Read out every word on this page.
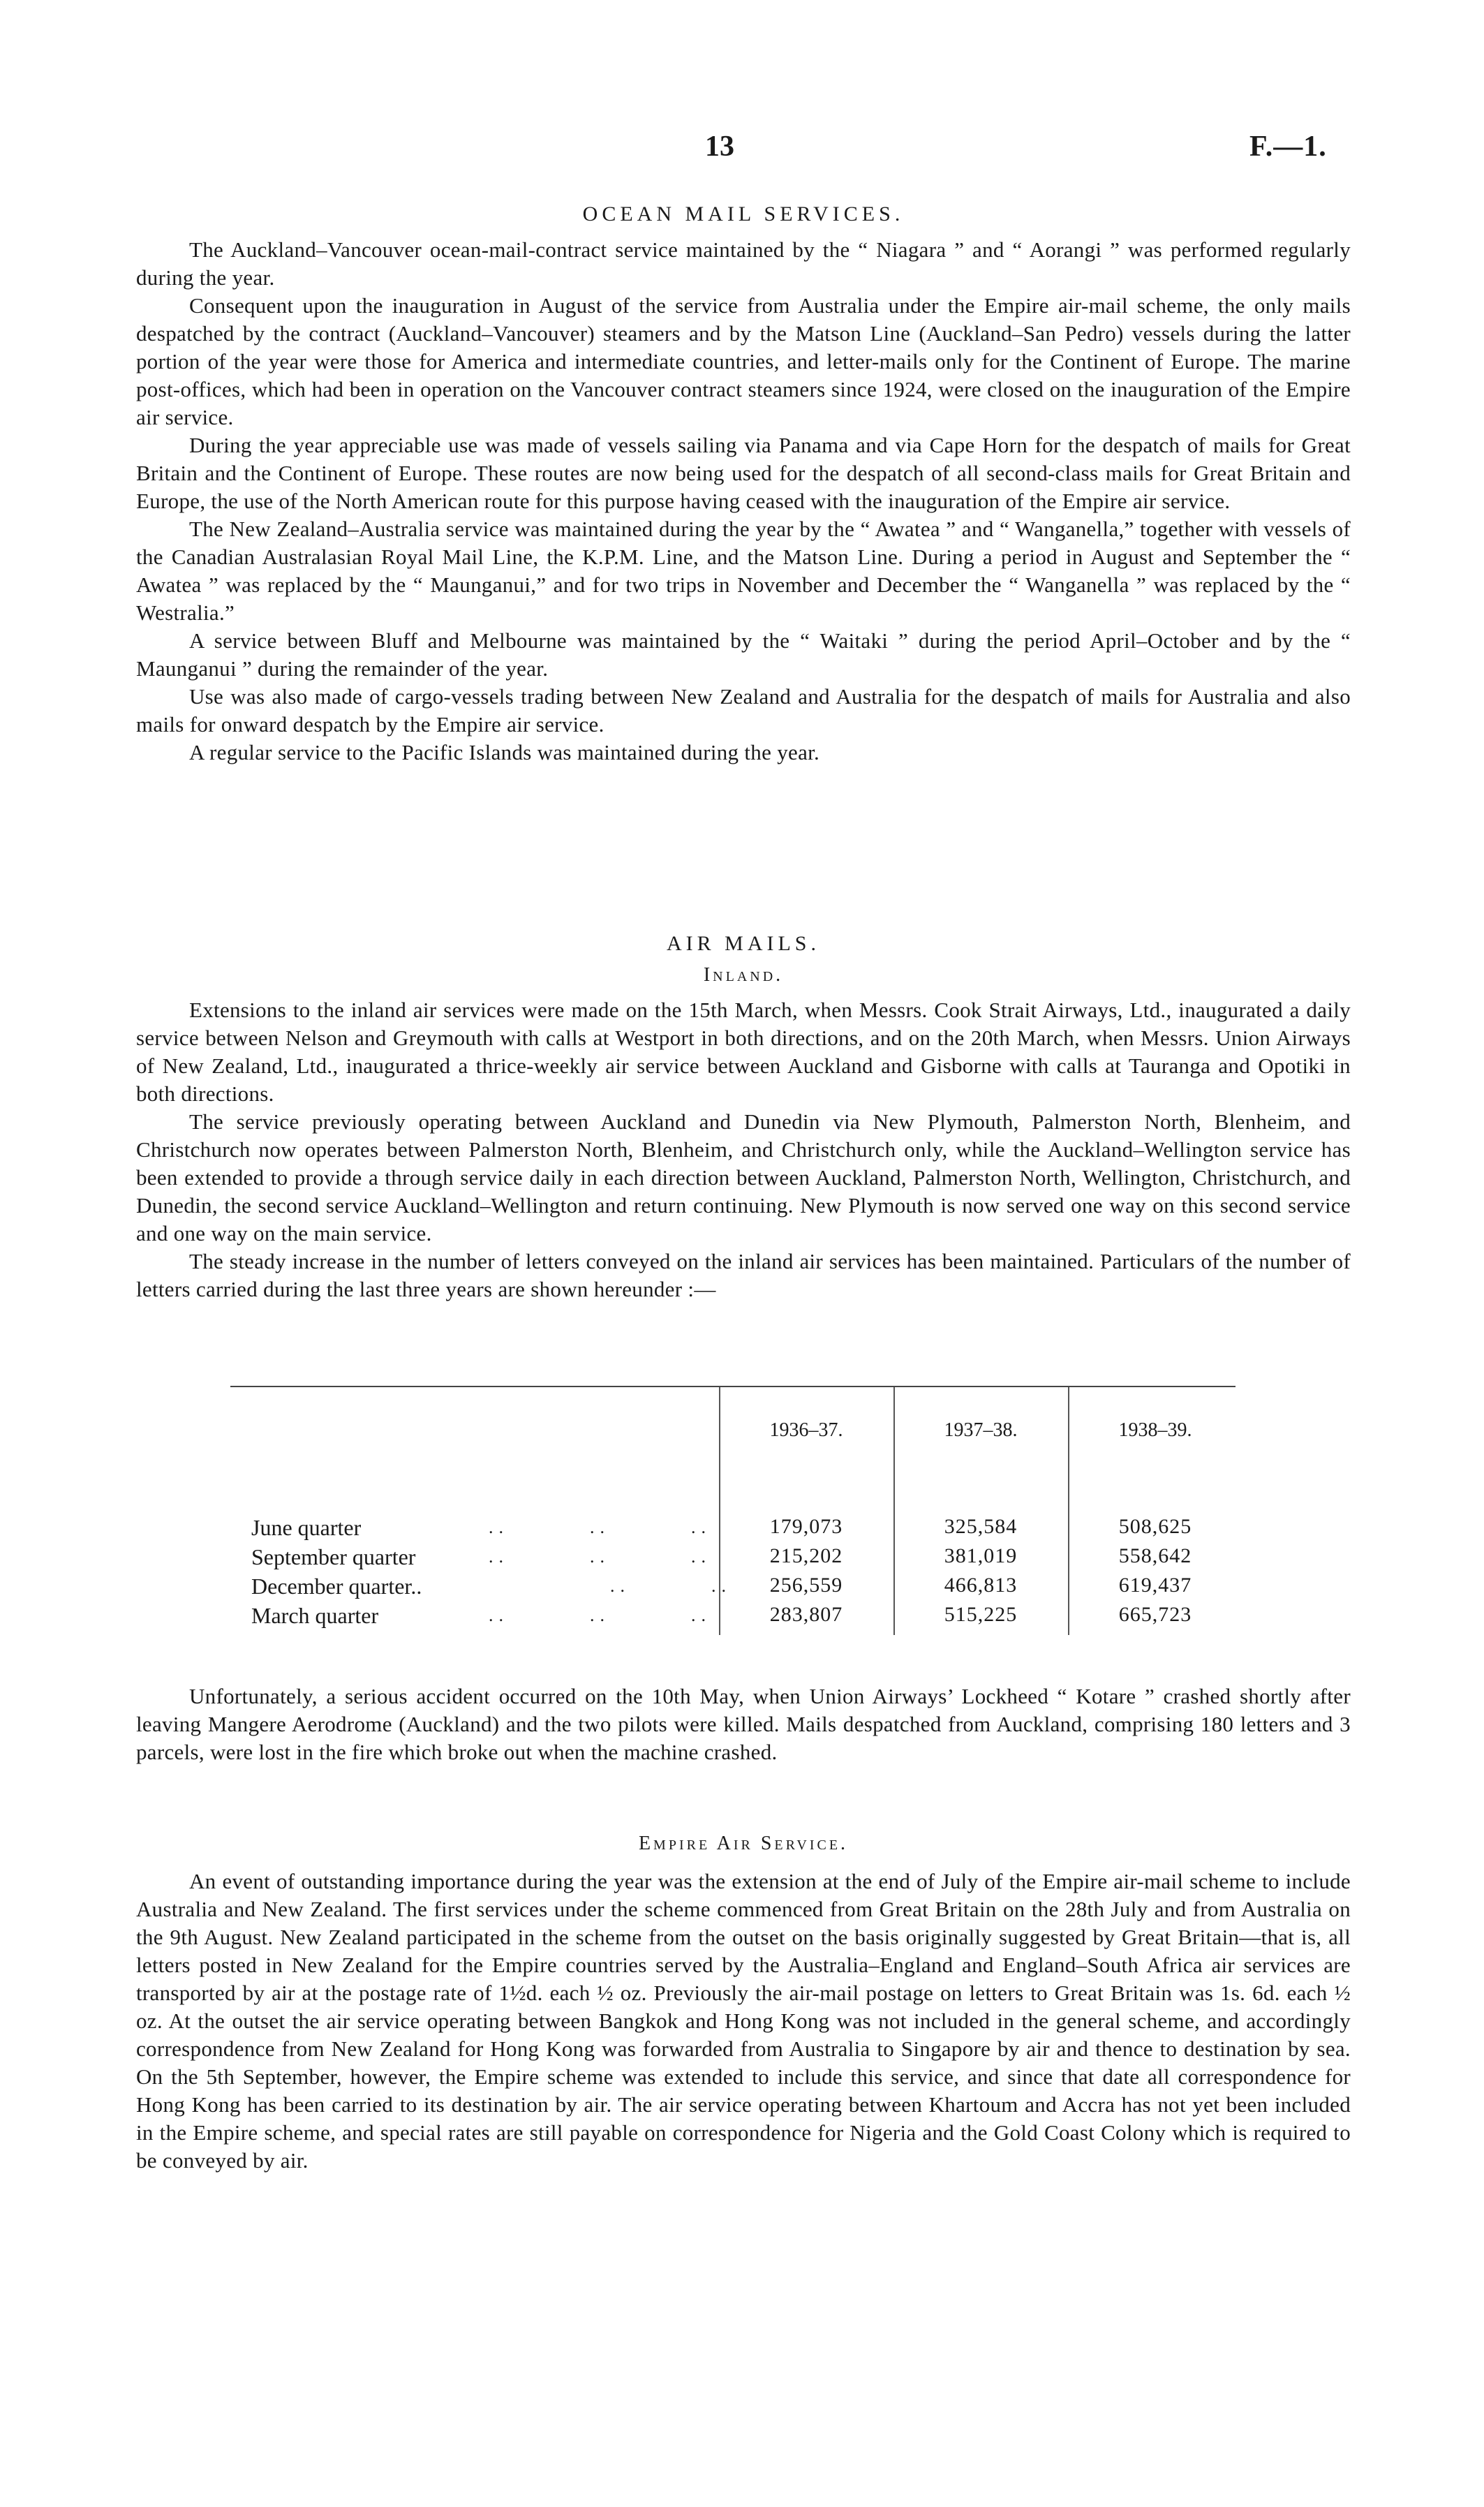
13	F.—1.
OCEAN MAIL SERVICES.

The Auckland–Vancouver ocean-mail-contract service maintained by the “ Niagara ” and “ Aorangi ” was performed regularly during the year.

Consequent upon the inauguration in August of the service from Australia under the Empire air-mail scheme, the only mails despatched by the contract (Auckland–Vancouver) steamers and by the Matson Line (Auckland–San Pedro) vessels during the latter portion of the year were those for America and intermediate countries, and letter-mails only for the Continent of Europe. The marine post-offices, which had been in operation on the Vancouver contract steamers since 1924, were closed on the inauguration of the Empire air service.

During the year appreciable use was made of vessels sailing via Panama and via Cape Horn for the despatch of mails for Great Britain and the Continent of Europe. These routes are now being used for the despatch of all second-class mails for Great Britain and Europe, the use of the North American route for this purpose having ceased with the inauguration of the Empire air service.

The New Zealand–Australia service was maintained during the year by the “ Awatea ” and “ Wanganella,” together with vessels of the Canadian Australasian Royal Mail Line, the K.P.M. Line, and the Matson Line. During a period in August and September the “ Awatea ” was replaced by the “ Maunganui,” and for two trips in November and December the “ Wanganella ” was replaced by the “ Westralia.”

A service between Bluff and Melbourne was maintained by the “ Waitaki ” during the period April–October and by the “ Maunganui ” during the remainder of the year.

Use was also made of cargo-vessels trading between New Zealand and Australia for the despatch of mails for Australia and also mails for onward despatch by the Empire air service.

A regular service to the Pacific Islands was maintained during the year.

AIR MAILS.
Inland.

Extensions to the inland air services were made on the 15th March, when Messrs. Cook Strait Airways, Ltd., inaugurated a daily service between Nelson and Greymouth with calls at Westport in both directions, and on the 20th March, when Messrs. Union Airways of New Zealand, Ltd., inaugurated a thrice-weekly air service between Auckland and Gisborne with calls at Tauranga and Opotiki in both directions.

The service previously operating between Auckland and Dunedin via New Plymouth, Palmerston North, Blenheim, and Christchurch now operates between Palmerston North, Blenheim, and Christchurch only, while the Auckland–Wellington service has been extended to provide a through service daily in each direction between Auckland, Palmerston North, Wellington, Christchurch, and Dunedin, the second service Auckland–Wellington and return continuing. New Plymouth is now served one way on this second service and one way on the main service.

The steady increase in the number of letters conveyed on the inland air services has been maintained. Particulars of the number of letters carried during the last three years are shown hereunder :—

1936–37.	1937–38.	1938–39.
June quarter	..        ..        ..	179,073	325,584	508,625
September quarter	..        ..        ..	215,202	381,019	558,642
December quarter..	..        ..	256,559	466,813	619,437
March quarter	..        ..        ..	283,807	515,225	665,723

Unfortunately, a serious accident occurred on the 10th May, when Union Airways’ Lockheed “ Kotare ” crashed shortly after leaving Mangere Aerodrome (Auckland) and the two pilots were killed. Mails despatched from Auckland, comprising 180 letters and 3 parcels, were lost in the fire which broke out when the machine crashed.

Empire Air Service.

An event of outstanding importance during the year was the extension at the end of July of the Empire air-mail scheme to include Australia and New Zealand. The first services under the scheme commenced from Great Britain on the 28th July and from Australia on the 9th August. New Zealand participated in the scheme from the outset on the basis originally suggested by Great Britain—that is, all letters posted in New Zealand for the Empire countries served by the Australia–England and England–South Africa air services are transported by air at the postage rate of 1½d. each ½ oz. Previously the air-mail postage on letters to Great Britain was 1s. 6d. each ½ oz. At the outset the air service operating between Bangkok and Hong Kong was not included in the general scheme, and accordingly correspondence from New Zealand for Hong Kong was forwarded from Australia to Singapore by air and thence to destination by sea. On the 5th September, however, the Empire scheme was extended to include this service, and since that date all correspondence for Hong Kong has been carried to its destination by air. The air service operating between Khartoum and Accra has not yet been included in the Empire scheme, and special rates are still payable on correspondence for Nigeria and the Gold Coast Colony which is required to be conveyed by air.
